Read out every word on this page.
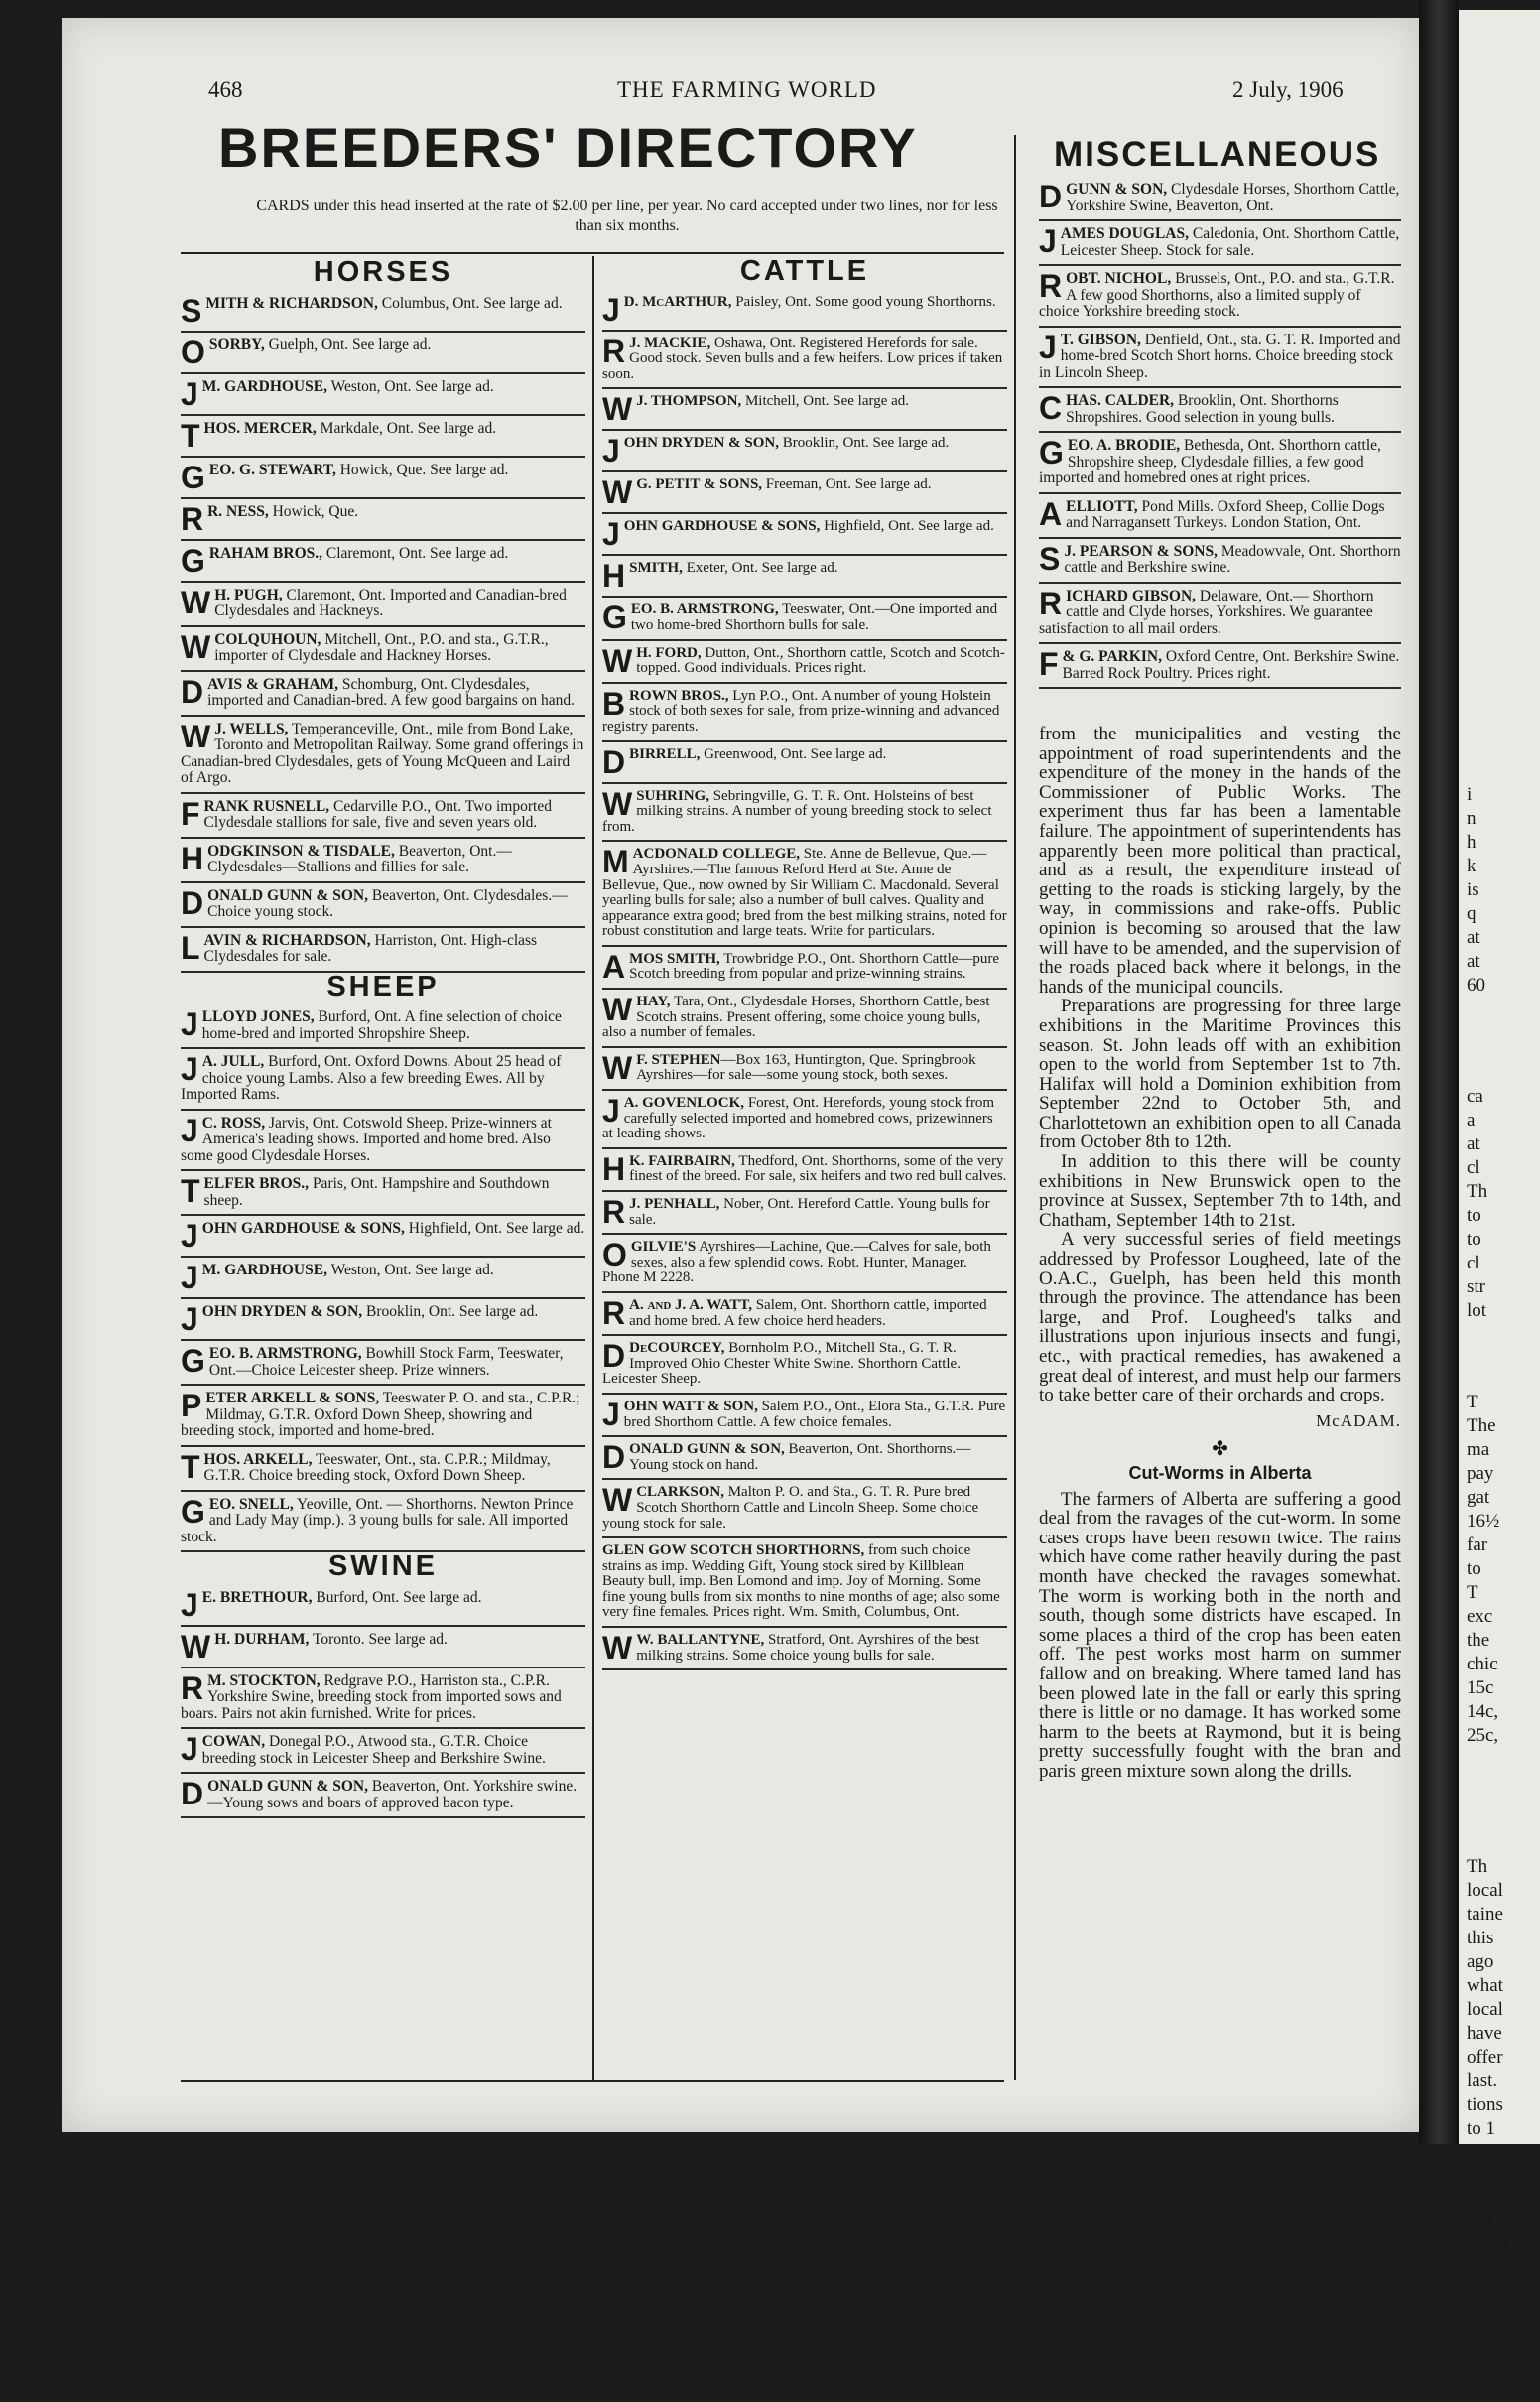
468	THE FARMING WORLD	2 July, 1906
BREEDERS' DIRECTORY	MISCELLANEOUS
CARDS under this head inserted at the rate of $2.00 per line, per year. No card accepted under two lines, nor for less than six months.
HORSES
SMITH & RICHARDSON, Columbus, Ont. See large ad.
OSORBY, Guelph, Ont. See large ad.
J M. GARDHOUSE, Weston, Ont. See large ad.
THOS. MERCER, Markdale, Ont. See large ad.
GEO. G. STEWART, Howick, Que. See large ad.
R R. NESS, Howick, Que.
GRAHAM BROS., Claremont, Ont. See large ad.
W H. PUGH, Claremont, Ont. Imported and Canadian-bred Clydesdales and Hackneys.
WCOLQUHOUN, Mitchell, Ont., P.O. and sta., G.T.R., importer of Clydesdale and Hackney Horses.
DAVIS & GRAHAM, Schomburg, Ont. Clydesdales, imported and Canadian-bred. A few good bargains on hand.
W J. WELLS, Temperanceville, Ont., mile from Bond Lake, Toronto and Metropolitan Railway. Some grand offerings in Canadian-bred Clydesdales, gets of Young McQueen and Laird of Argo.
FRANK RUSNELL, Cedarville P.O., Ont. Two imported Clydesdale stallions for sale, five and seven years old.
HODGKINSON & TISDALE, Beaverton, Ont.—Clydesdales—Stallions and fillies for sale.
DONALD GUNN & SON, Beaverton, Ont. Clydesdales.—Choice young stock.
LAVIN & RICHARDSON, Harriston, Ont. High-class Clydesdales for sale.
SHEEP
JLLOYD JONES, Burford, Ont. A fine selection of choice home-bred and imported Shropshire Sheep.
J A. JULL, Burford, Ont. Oxford Downs. About 25 head of choice young Lambs. Also a few breeding Ewes. All by Imported Rams.
J C. ROSS, Jarvis, Ont. Cotswold Sheep. Prize-winners at America's leading shows. Imported and home bred. Also some good Clydesdale Horses.
TELFER BROS., Paris, Ont. Hampshire and Southdown sheep.
JOHN GARDHOUSE & SONS, Highfield, Ont. See large ad.
J M. GARDHOUSE, Weston, Ont. See large ad.
JOHN DRYDEN & SON, Brooklin, Ont. See large ad.
GEO. B. ARMSTRONG, Bowhill Stock Farm, Teeswater, Ont.—Choice Leicester sheep. Prize winners.
PETER ARKELL & SONS, Teeswater P. O. and sta., C.P.R.; Mildmay, G.T.R. Oxford Down Sheep, showring and breeding stock, imported and home-bred.
THOS. ARKELL, Teeswater, Ont., sta. C.P.R.; Mildmay, G.T.R. Choice breeding stock, Oxford Down Sheep.
GEO. SNELL, Yeoville, Ont. — Shorthorns. Newton Prince and Lady May (imp.). 3 young bulls for sale. All imported stock.
SWINE
J E. BRETHOUR, Burford, Ont. See large ad.
W H. DURHAM, Toronto. See large ad.
R M. STOCKTON, Redgrave P.O., Harriston sta., C.P.R. Yorkshire Swine, breeding stock from imported sows and boars. Pairs not akin furnished. Write for prices.
JCOWAN, Donegal P.O., Atwood sta., G.T.R. Choice breeding stock in Leicester Sheep and Berkshire Swine.
DONALD GUNN & SON, Beaverton, Ont. Yorkshire swine.—Young sows and boars of approved bacon type.
CATTLE
J D. McARTHUR, Paisley, Ont. Some good young Shorthorns.
R J. MACKIE, Oshawa, Ont. Registered Herefords for sale. Good stock. Seven bulls and a few heifers. Low prices if taken soon.
W J. THOMPSON, Mitchell, Ont. See large ad.
JOHN DRYDEN & SON, Brooklin, Ont. See large ad.
W G. PETIT & SONS, Freeman, Ont. See large ad.
JOHN GARDHOUSE & SONS, Highfield, Ont. See large ad.
HSMITH, Exeter, Ont. See large ad.
GEO. B. ARMSTRONG, Teeswater, Ont.—One imported and two home-bred Shorthorn bulls for sale.
W H. FORD, Dutton, Ont., Shorthorn cattle, Scotch and Scotch-topped. Good individuals. Prices right.
BROWN BROS., Lyn P.O., Ont. A number of young Holstein stock of both sexes for sale, from prize-winning and advanced registry parents.
DBIRRELL, Greenwood, Ont. See large ad.
WSUHRING, Sebringville, G. T. R. Ont. Holsteins of best milking strains. A number of young breeding stock to select from.
MACDONALD COLLEGE, Ste. Anne de Bellevue, Que.—Ayrshires.—The famous Reford Herd at Ste. Anne de Bellevue, Que., now owned by Sir William C. Macdonald. Several yearling bulls for sale; also a number of bull calves. Quality and appearance extra good; bred from the best milking strains, noted for robust constitution and large teats. Write for particulars.
AMOS SMITH, Trowbridge P.O., Ont. Shorthorn Cattle—pure Scotch breeding from popular and prize-winning strains.
WHAY, Tara, Ont., Clydesdale Horses, Shorthorn Cattle, best Scotch strains. Present offering, some choice young bulls, also a number of females.
W F. STEPHEN—Box 163, Huntington, Que. Springbrook Ayrshires—for sale—some young stock, both sexes.
J A. GOVENLOCK, Forest, Ont. Herefords, young stock from carefully selected imported and homebred cows, prizewinners at leading shows.
H K. FAIRBAIRN, Thedford, Ont. Shorthorns, some of the very finest of the breed. For sale, six heifers and two red bull calves.
R J. PENHALL, Nober, Ont. Hereford Cattle. Young bulls for sale.
OGILVIE'S Ayrshires—Lachine, Que.—Calves for sale, both sexes, also a few splendid cows. Robt. Hunter, Manager. Phone M 2228.
R A. and J. A. WATT, Salem, Ont. Shorthorn cattle, imported and home bred. A few choice herd headers.
D DeCOURCEY, Bornholm P.O., Mitchell Sta., G. T. R. Improved Ohio Chester White Swine. Shorthorn Cattle. Leicester Sheep.
JOHN WATT & SON, Salem P.O., Ont., Elora Sta., G.T.R. Pure bred Shorthorn Cattle. A few choice females.
DONALD GUNN & SON, Beaverton, Ont. Shorthorns.—Young stock on hand.
WCLARKSON, Malton P. O. and Sta., G. T. R. Pure bred Scotch Shorthorn Cattle and Lincoln Sheep. Some choice young stock for sale.
GLEN GOW SCOTCH SHORTHORNS, from such choice strains as imp. Wedding Gift, Young stock sired by Killblean Beauty bull, imp. Ben Lomond and imp. Joy of Morning. Some fine young bulls from six months to nine months of age; also some very fine females. Prices right. Wm. Smith, Columbus, Ont.
W W. BALLANTYNE, Stratford, Ont. Ayrshires of the best milking strains. Some choice young bulls for sale.
DGUNN & SON, Clydesdale Horses, Shorthorn Cattle, Yorkshire Swine, Beaverton, Ont.
JAMES DOUGLAS, Caledonia, Ont. Shorthorn Cattle, Leicester Sheep. Stock for sale.
ROBT. NICHOL, Brussels, Ont., P.O. and sta., G.T.R. A few good Shorthorns, also a limited supply of choice Yorkshire breeding stock.
J T. GIBSON, Denfield, Ont., sta. G. T. R. Imported and home-bred Scotch Short horns. Choice breeding stock in Lincoln Sheep.
CHAS. CALDER, Brooklin, Ont. Shorthorns Shropshires. Good selection in young bulls.
GEO. A. BRODIE, Bethesda, Ont. Shorthorn cattle, Shropshire sheep, Clydesdale fillies, a few good imported and homebred ones at right prices.
AELLIOTT, Pond Mills. Oxford Sheep, Collie Dogs and Narragansett Turkeys. London Station, Ont.
S J. PEARSON & SONS, Meadowvale, Ont. Shorthorn cattle and Berkshire swine.
RICHARD GIBSON, Delaware, Ont.— Shorthorn cattle and Clyde horses, Yorkshires. We guarantee satisfaction to all mail orders.
F & G. PARKIN, Oxford Centre, Ont. Berkshire Swine. Barred Rock Poultry. Prices right.

from the municipalities and vesting the appointment of road superintendents and the expenditure of the money in the hands of the Commissioner of Public Works. The experiment thus far has been a lamentable failure. The appointment of superintendents has apparently been more political than practical, and as a result, the expenditure instead of getting to the roads is sticking largely, by the way, in commissions and rake-offs. Public opinion is becoming so aroused that the law will have to be amended, and the supervision of the roads placed back where it belongs, in the hands of the municipal councils.

Preparations are progressing for three large exhibitions in the Maritime Provinces this season. St. John leads off with an exhibition open to the world from September 1st to 7th. Halifax will hold a Dominion exhibition from September 22nd to October 5th, and Charlottetown an exhibition open to all Canada from October 8th to 12th.

In addition to this there will be county exhibitions in New Brunswick open to the province at Sussex, September 7th to 14th, and Chatham, September 14th to 21st.

A very successful series of field meetings addressed by Professor Lougheed, late of the O.A.C., Guelph, has been held this month through the province. The attendance has been large, and Prof. Lougheed's talks and illustrations upon injurious insects and fungi, etc., with practical remedies, has awakened a great deal of interest, and must help our farmers to take better care of their orchards and crops.

McADAM.
✤
Cut-Worms in Alberta

The farmers of Alberta are suffering a good deal from the ravages of the cut-worm. In some cases crops have been resown twice. The rains which have come rather heavily during the past month have checked the ravages somewhat. The worm is working both in the north and south, though some districts have escaped. In some places a third of the crop has been eaten off. The pest works most harm on summer fallow and on breaking. Where tamed land has been plowed late in the fall or early this spring there is little or no damage. It has worked some harm to the beets at Raymond, but it is being pretty successfully fought with the bran and paris green mixture sown along the drills.

i
n
h
k
is
q
at
at
60
ca
a
at
cl
Th
to
to
cl
str
lot
T
The
ma
pay
gat
16½
far
to
T
exc
the
chic
15c
14c,
25c,
Th
local
taine
this
ago
what
local
have
offer
last.
tions
to 1
11¼c.
The
situat
and th
finest
real a
Easter
these
local
to 21
to 20c
